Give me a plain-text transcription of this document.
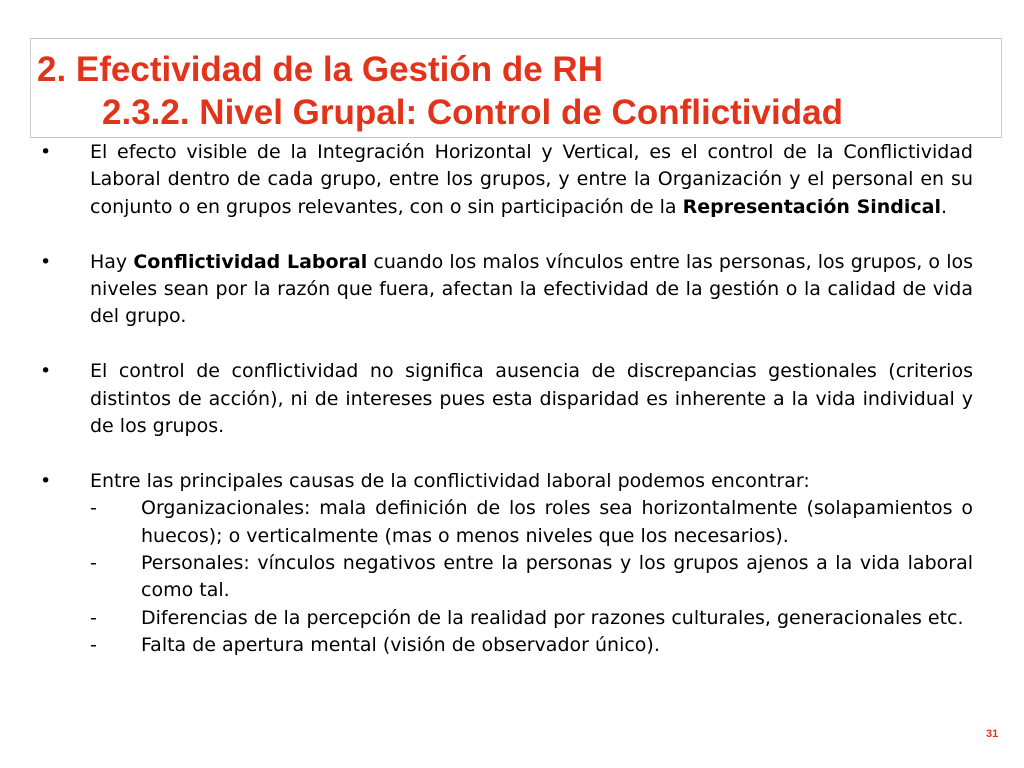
2. Efectividad de la Gestión de RH
2.3.2. Nivel Grupal: Control de Conflictividad
•	El efecto visible de la Integración Horizontal y Vertical, es el control de la Conflictividad Laboral dentro de cada grupo, entre los grupos, y entre la Organización y el personal en su conjunto o en grupos relevantes, con o sin participación de la Representación Sindical.
•	Hay Conflictividad Laboral cuando los malos vínculos entre las personas, los grupos, o los niveles sean por la razón que fuera, afectan la efectividad de la gestión o la calidad de vida del grupo.
•	El control de conflictividad no significa ausencia de discrepancias gestionales (criterios distintos de acción), ni de intereses pues esta disparidad es inherente a la vida individual y de los grupos.
•	Entre las principales causas de la conflictividad laboral podemos encontrar:
-	Organizacionales: mala definición de los roles sea horizontalmente (solapamientos o huecos); o verticalmente (mas o menos niveles que los necesarios).
-	Personales: vínculos negativos entre la personas y los grupos ajenos a la vida laboral como tal.
-	Diferencias de la percepción de la realidad por razones culturales, generacionales etc.
-	Falta de apertura mental (visión de observador único).
31
